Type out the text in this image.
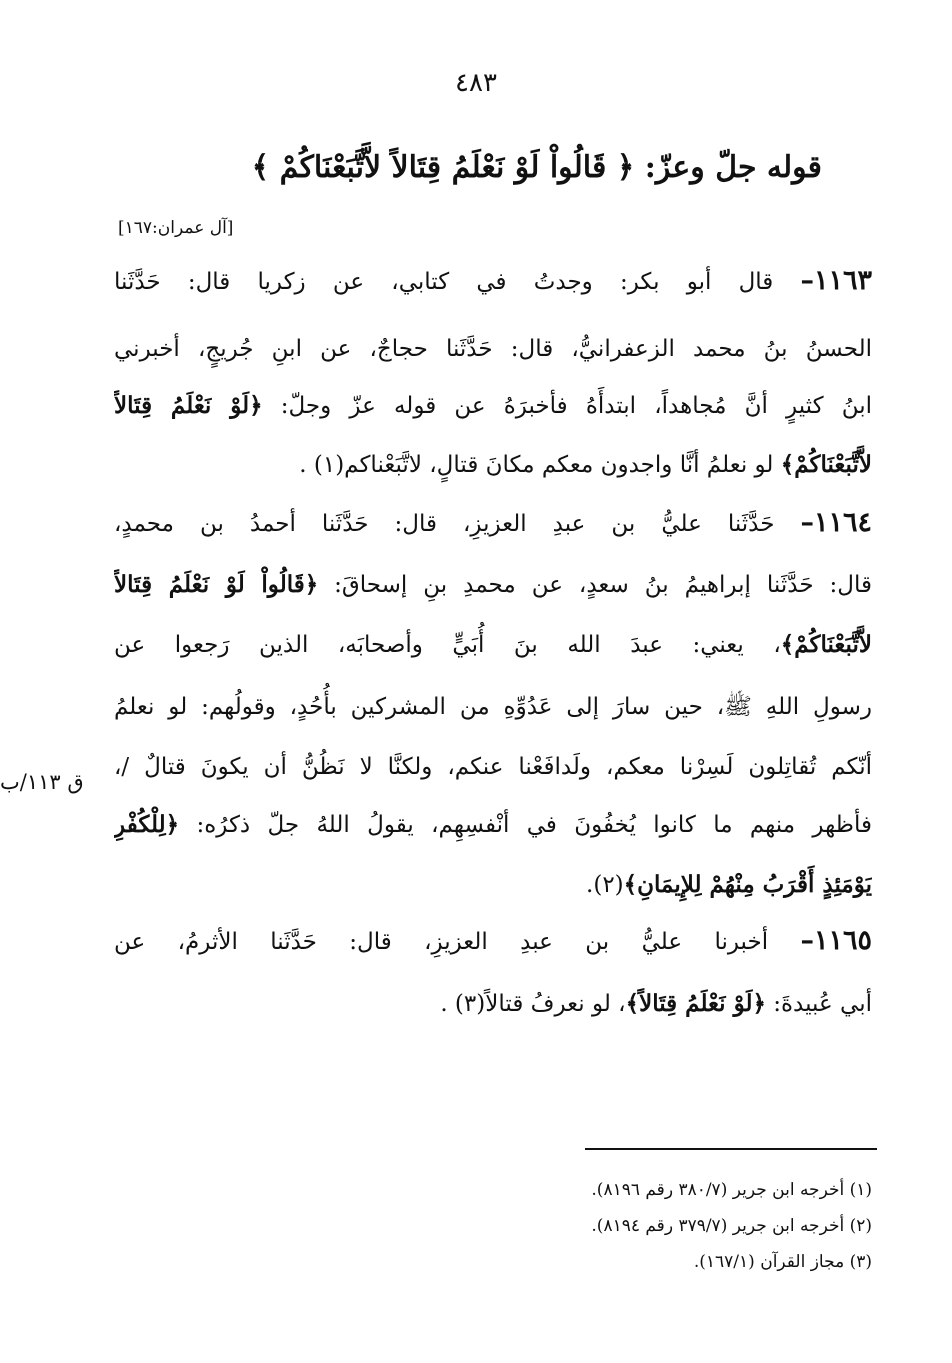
٤٨٣
قوله جلّ وعزّ: ﴿ قَالُواْ لَوْ نَعْلَمُ قِتَالاً لاَّتَّبَعْنَاكُمْ ﴾
[آل عمران:١٦٧]
١١٦٣– قال أبو بكر: وجدتُ في كتابي، عن زكريا قال: حَدَّثَنا
الحسنُ بنُ محمد الزعفرانيُّ، قال: حَدَّثَنا حجاجٌ، عن ابنِ جُريجٍ، أخبرني
ابنُ كثيرٍ أنَّ مُجاهداً، ابتدأَهُ فأخبرَهُ عن قوله عزّ وجلّ: ﴿لَوْ نَعْلَمُ قِتَالاً
لاَّتَّبَعْنَاكُمْ﴾ لو نعلمُ أنَّا واجدون معكم مكانَ قتالٍ، لاتَّبَعْناكم(١) .
١١٦٤– حَدَّثَنا عليُّ بن عبدِ العزيزِ، قال: حَدَّثَنا أحمدُ بن محمدٍ،
قال: حَدَّثَنا إبراهيمُ بنُ سعدٍ، عن محمدِ بنِ إسحاقَ: ﴿قَالُواْ لَوْ نَعْلَمُ قِتَالاً
لاَّتَّبَعْنَاكُمْ﴾، يعني: عبدَ الله بنَ أُبَيٍّ وأصحابَه، الذين رَجعوا عن
رسولِ اللهِ ﷺ، حين سارَ إلى عَدُوِّهِ من المشركين بأُحُدٍ، وقولُهم: لو نعلمُ
أنّكم تُقاتِلون لَسِرْنا معكم، ولَدافَعْنا عنكم، ولكنَّا لا نَظُنُّ أن يكونَ قتالٌ /،
فأظهر منهم ما كانوا يُخفُونَ في أنْفسِهِم، يقولُ اللهُ جلّ ذكرُه: ﴿لِلْكُفْرِ
يَوْمَئِذٍ أَقْرَبُ مِنْهُمْ لِلإِيمَانِ﴾(٢).
١١٦٥– أخبرنا عليُّ بن عبدِ العزيزِ، قال: حَدَّثَنا الأثرمُ، عن
أبي عُبيدةَ: ﴿لَوْ نَعْلَمُ قِتَالاً﴾، لو نعرفُ قتالاً(٣) .
ق ١١٣/ب
(١) أخرجه ابن جرير (٣٨٠/٧ رقم ٨١٩٦).
(٢) أخرجه ابن جرير (٣٧٩/٧ رقم ٨١٩٤).
(٣) مجاز القرآن (١٦٧/١).
